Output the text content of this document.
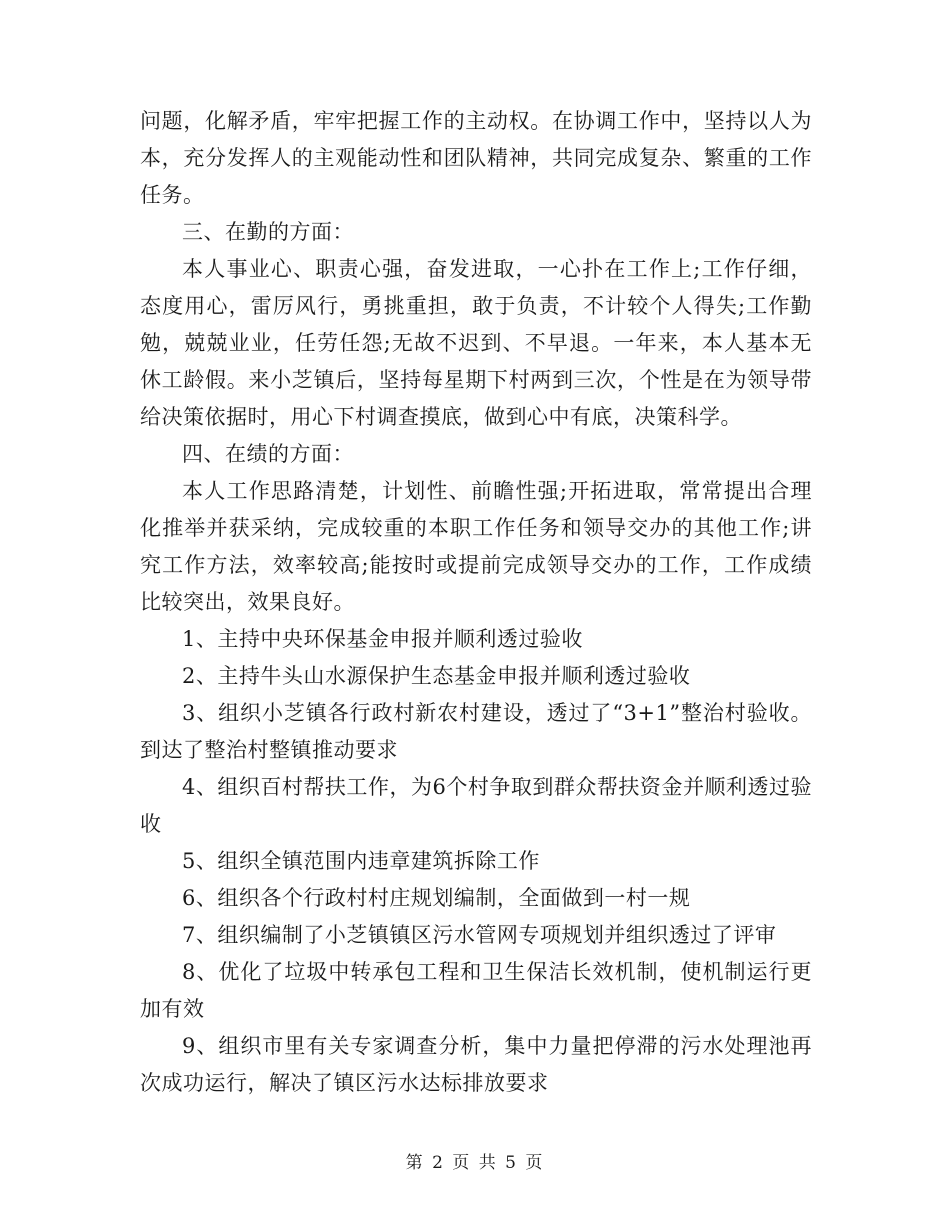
问题，化解矛盾，牢牢把握工作的主动权。在协调工作中，坚持以人为本，充分发挥人的主观能动性和团队精神，共同完成复杂、繁重的工作任务。

三、在勤的方面：

本人事业心、职责心强，奋发进取，一心扑在工作上;工作仔细，态度用心，雷厉风行，勇挑重担，敢于负责，不计较个人得失;工作勤勉，兢兢业业，任劳任怨;无故不迟到、不早退。一年来，本人基本无休工龄假。来小芝镇后，坚持每星期下村两到三次，个性是在为领导带给决策依据时，用心下村调查摸底，做到心中有底，决策科学。

四、在绩的方面：

本人工作思路清楚，计划性、前瞻性强;开拓进取，常常提出合理化推举并获采纳，完成较重的本职工作任务和领导交办的其他工作;讲究工作方法，效率较高;能按时或提前完成领导交办的工作，工作成绩比较突出，效果良好。

1、主持中央环保基金申报并顺利透过验收

2、主持牛头山水源保护生态基金申报并顺利透过验收

3、组织小芝镇各行政村新农村建设，透过了“3+1”整治村验收。到达了整治村整镇推动要求

4、组织百村帮扶工作，为6个村争取到群众帮扶资金并顺利透过验收

5、组织全镇范围内违章建筑拆除工作

6、组织各个行政村村庄规划编制，全面做到一村一规

7、组织编制了小芝镇镇区污水管网专项规划并组织透过了评审

8、优化了垃圾中转承包工程和卫生保洁长效机制，使机制运行更加有效

9、组织市里有关专家调查分析，集中力量把停滞的污水处理池再次成功运行，解决了镇区污水达标排放要求

第 2 页 共 5 页
